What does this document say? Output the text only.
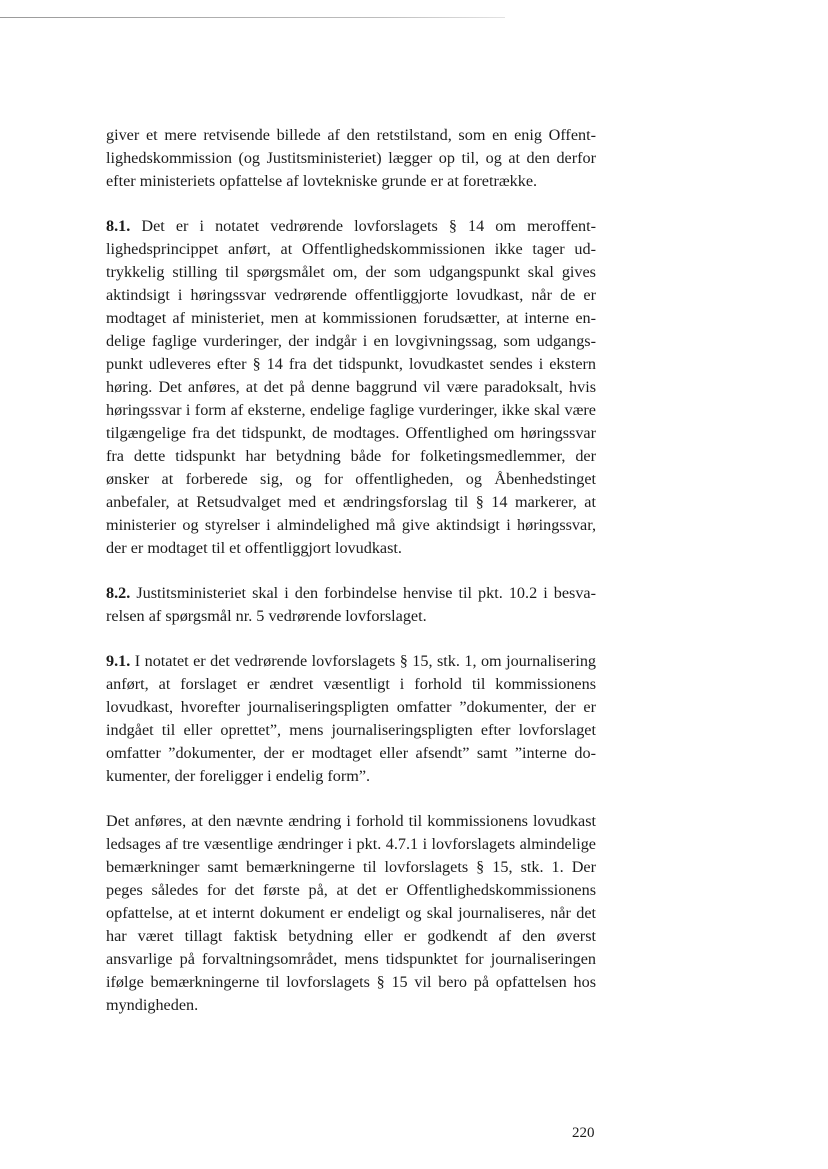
giver et mere retvisende billede af den retstilstand, som en enig Offentlighedskommission (og Justitsministeriet) lægger op til, og at den derfor efter ministeriets opfattelse af lovtekniske grunde er at foretrække.

8.1. Det er i notatet vedrørende lovforslagets § 14 om meroffentlighedsprincippet anført, at Offentlighedskommissionen ikke tager udtrykkelig stilling til spørgsmålet om, der som udgangspunkt skal gives aktindsigt i høringssvar vedrørende offentliggjorte lovudkast, når de er modtaget af ministeriet, men at kommissionen forudsætter, at interne endelige faglige vurderinger, der indgår i en lovgivningssag, som udgangspunkt udleveres efter § 14 fra det tidspunkt, lovudkastet sendes i ekstern høring. Det anføres, at det på denne baggrund vil være paradoksalt, hvis høringssvar i form af eksterne, endelige faglige vurderinger, ikke skal være tilgængelige fra det tidspunkt, de modtages. Offentlighed om høringssvar fra dette tidspunkt har betydning både for folketingsmedlemmer, der ønsker at forberede sig, og for offentligheden, og Åbenhedstinget anbefaler, at Retsudvalget med et ændringsforslag til § 14 markerer, at ministerier og styrelser i almindelighed må give aktindsigt i høringssvar, der er modtaget til et offentliggjort lovudkast.

8.2. Justitsministeriet skal i den forbindelse henvise til pkt. 10.2 i besvarelsen af spørgsmål nr. 5 vedrørende lovforslaget.

9.1. I notatet er det vedrørende lovforslagets § 15, stk. 1, om journalisering anført, at forslaget er ændret væsentligt i forhold til kommissionens lovudkast, hvorefter journaliseringspligten omfatter ”dokumenter, der er indgået til eller oprettet”, mens journaliseringspligten efter lovforslaget omfatter ”dokumenter, der er modtaget eller afsendt” samt ”interne dokumenter, der foreligger i endelig form”.

Det anføres, at den nævnte ændring i forhold til kommissionens lovudkast ledsages af tre væsentlige ændringer i pkt. 4.7.1 i lovforslagets almindelige bemærkninger samt bemærkningerne til lovforslagets § 15, stk. 1. Der peges således for det første på, at det er Offentlighedskommissionens opfattelse, at et internt dokument er endeligt og skal journaliseres, når det har været tillagt faktisk betydning eller er godkendt af den øverst ansvarlige på forvaltningsområdet, mens tidspunktet for journaliseringen ifølge bemærkningerne til lovforslagets § 15 vil bero på opfattelsen hos myndigheden.

220
